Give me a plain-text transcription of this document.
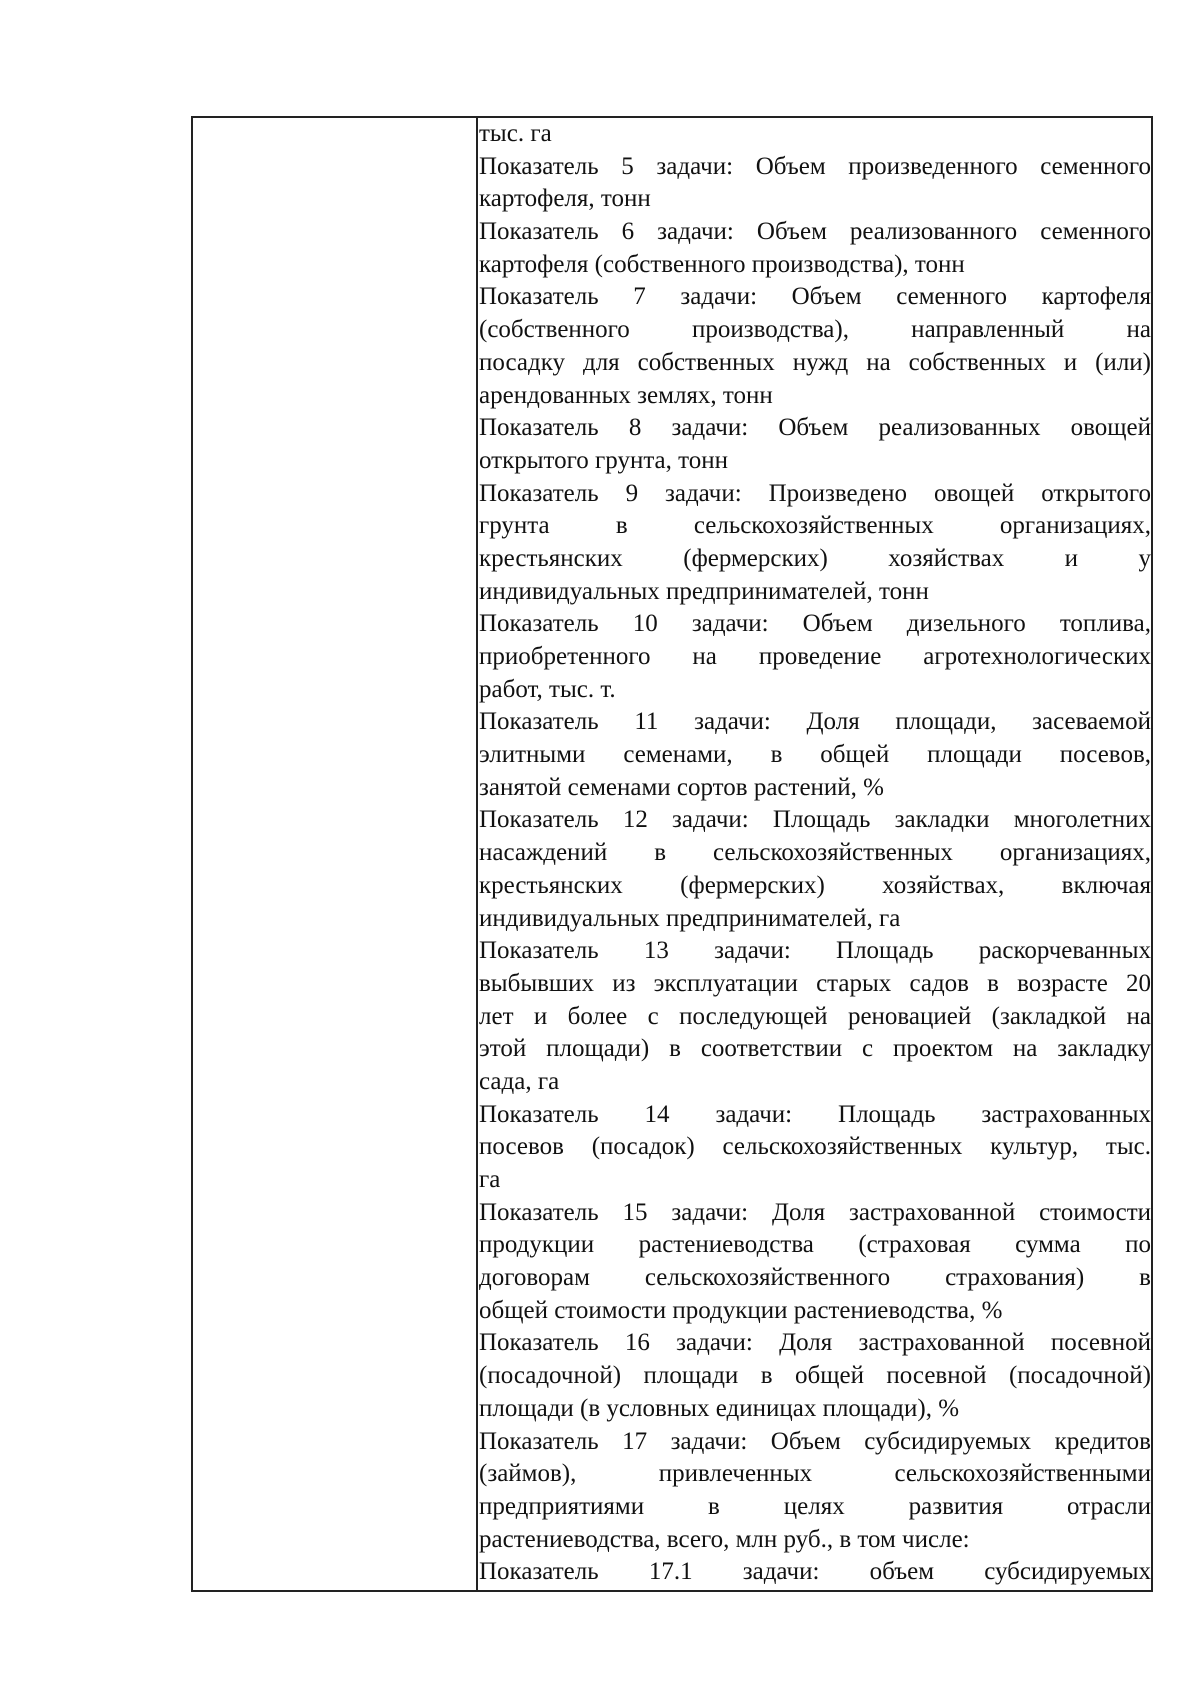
тыс. га
Показатель 5 задачи: Объем произведенного семенного
картофеля, тонн
Показатель 6 задачи: Объем реализованного семенного
картофеля (собственного производства), тонн
Показатель 7 задачи: Объем семенного картофеля
(собственного производства), направленный на
посадку для собственных нужд на собственных и (или)
арендованных землях, тонн
Показатель 8 задачи: Объем реализованных овощей
открытого грунта, тонн
Показатель 9 задачи: Произведено овощей открытого
грунта в сельскохозяйственных организациях,
крестьянских (фермерских) хозяйствах и у
индивидуальных предпринимателей, тонн
Показатель 10 задачи: Объем дизельного топлива,
приобретенного на проведение агротехнологических
работ, тыс. т.
Показатель 11 задачи: Доля площади, засеваемой
элитными семенами, в общей площади посевов,
занятой семенами сортов растений, %
Показатель 12 задачи: Площадь закладки многолетних
насаждений в сельскохозяйственных организациях,
крестьянских (фермерских) хозяйствах, включая
индивидуальных предпринимателей, га
Показатель 13 задачи: Площадь раскорчеванных
выбывших из эксплуатации старых садов в возрасте 20
лет и более с последующей реновацией (закладкой на
этой площади) в соответствии с проектом на закладку
сада, га
Показатель 14 задачи: Площадь застрахованных
посевов (посадок) сельскохозяйственных культур, тыс.
га
Показатель 15 задачи: Доля застрахованной стоимости
продукции растениеводства (страховая сумма по
договорам сельскохозяйственного страхования) в
общей стоимости продукции растениеводства, %
Показатель 16 задачи: Доля застрахованной посевной
(посадочной) площади в общей посевной (посадочной)
площади (в условных единицах площади), %
Показатель 17 задачи: Объем субсидируемых кредитов
(займов), привлеченных сельскохозяйственными
предприятиями в целях развития отрасли
растениеводства, всего, млн руб., в том числе:
Показатель 17.1 задачи: объем субсидируемых
